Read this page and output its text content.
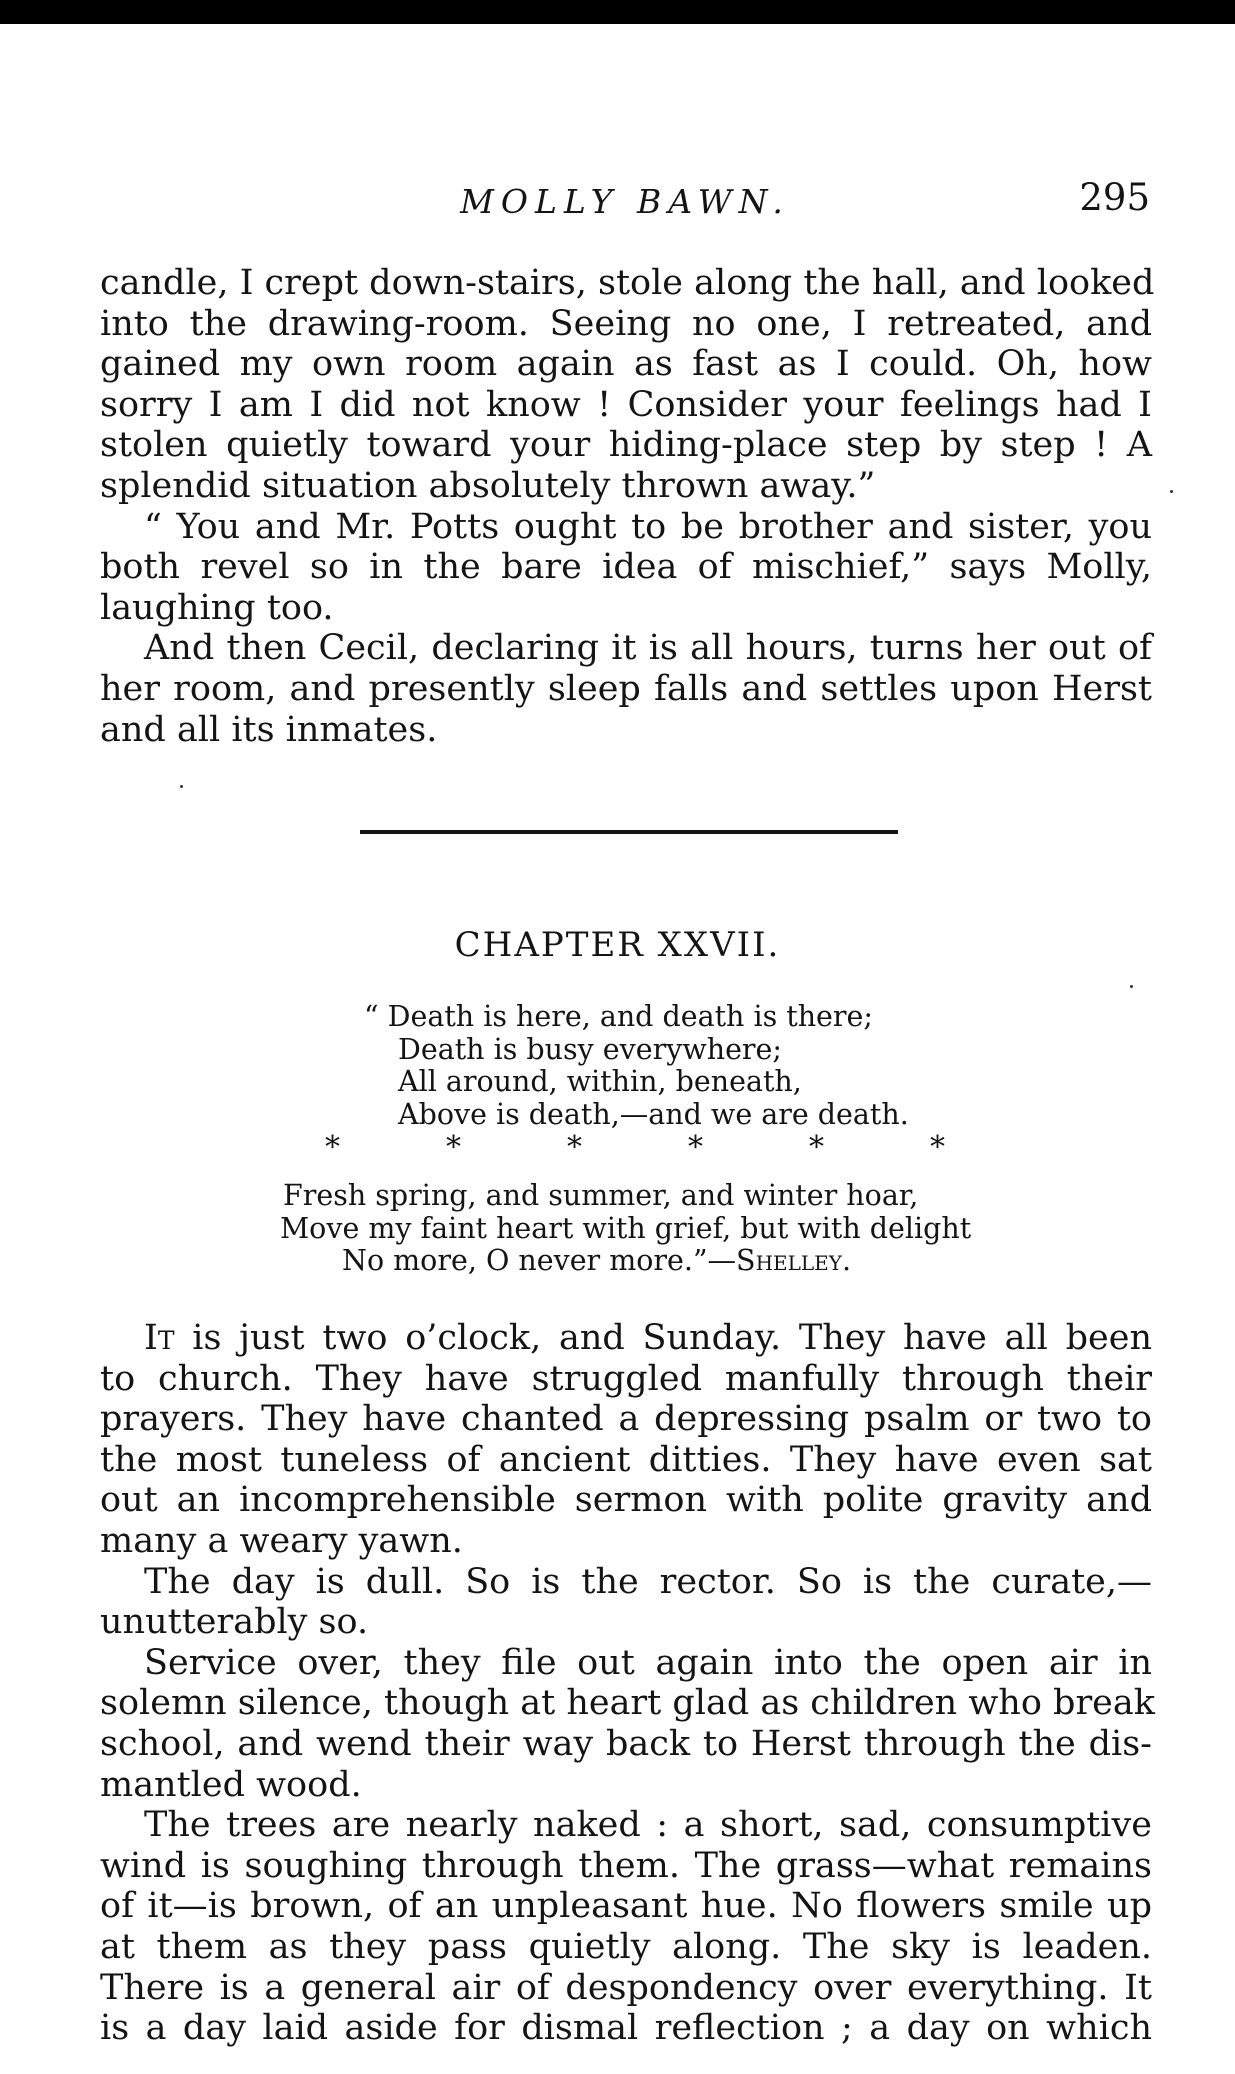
MOLLY BAWN.	295

candle, I crept down-stairs, stole along the hall, and looked
into the drawing-room. Seeing no one, I retreated, and
gained my own room again as fast as I could. Oh, how
sorry I am I did not know ! Consider your feelings had I
stolen quietly toward your hiding-place step by step ! A
splendid situation absolutely thrown away.”

“ You and Mr. Potts ought to be brother and sister, you
both revel so in the bare idea of mischief,” says Molly,
laughing too.

And then Cecil, declaring it is all hours, turns her out of
her room, and presently sleep falls and settles upon Herst
and all its inmates.

CHAPTER XXVII.
“ Death is here, and death is there;
Death is busy everywhere;
All around, within, beneath,
Above is death,—and we are death.
*	*	*	*	*	*
Fresh spring, and summer, and winter hoar,
Move my faint heart with grief, but with delight
No more, O never more.”—Shelley.

It is just two o’clock, and Sunday. They have all been
to church. They have struggled manfully through their
prayers. They have chanted a depressing psalm or two to
the most tuneless of ancient ditties. They have even sat
out an incomprehensible sermon with polite gravity and
many a weary yawn.

The day is dull. So is the rector. So is the curate,—
unutterably so.

Service over, they file out again into the open air in
solemn silence, though at heart glad as children who break
school, and wend their way back to Herst through the dis-
mantled wood.

The trees are nearly naked : a short, sad, consumptive
wind is soughing through them. The grass—what remains
of it—is brown, of an unpleasant hue. No flowers smile up
at them as they pass quietly along. The sky is leaden.
There is a general air of despondency over everything. It
is a day laid aside for dismal reflection ; a day on which
